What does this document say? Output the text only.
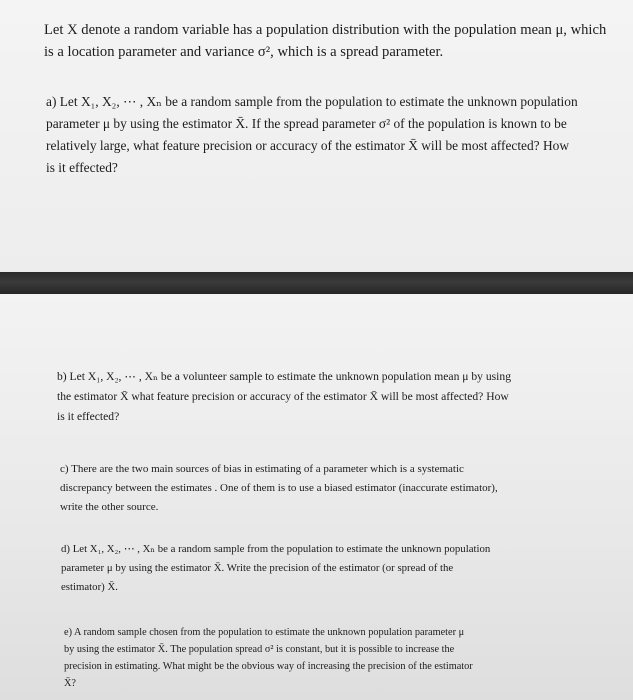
Let X denote a random variable has a population distribution with the population mean μ, which
is a location parameter and variance σ², which is a spread parameter.
a) Let X₁, X₂, ⋯ , Xₙ be a random sample from the population to estimate the unknown population
parameter μ by using the estimator X̄. If the spread parameter σ² of the population is known to be
relatively large, what feature precision or accuracy of the estimator X̄ will be most affected? How
is it effected?
b) Let X₁, X₂, ⋯ , Xₙ be a volunteer sample to estimate the unknown population mean μ by using
the estimator X̄ what feature precision or accuracy of the estimator X̄ will be most affected? How
is it effected?
c) There are the two main sources of bias in estimating of a parameter which is a systematic
discrepancy between the estimates . One of them is to use a biased estimator (inaccurate estimator),
write the other source.
d) Let X₁, X₂, ⋯ , Xₙ be a random sample from the population to estimate the unknown population
parameter μ by using the estimator X̄. Write the precision of the estimator (or spread of the
estimator) X̄.
e) A random sample chosen from the population to estimate the unknown population parameter μ
by using the estimator X̄. The population spread σ² is constant, but it is possible to increase the
precision in estimating. What might be the obvious way of increasing the precision of the estimator
X̄?
